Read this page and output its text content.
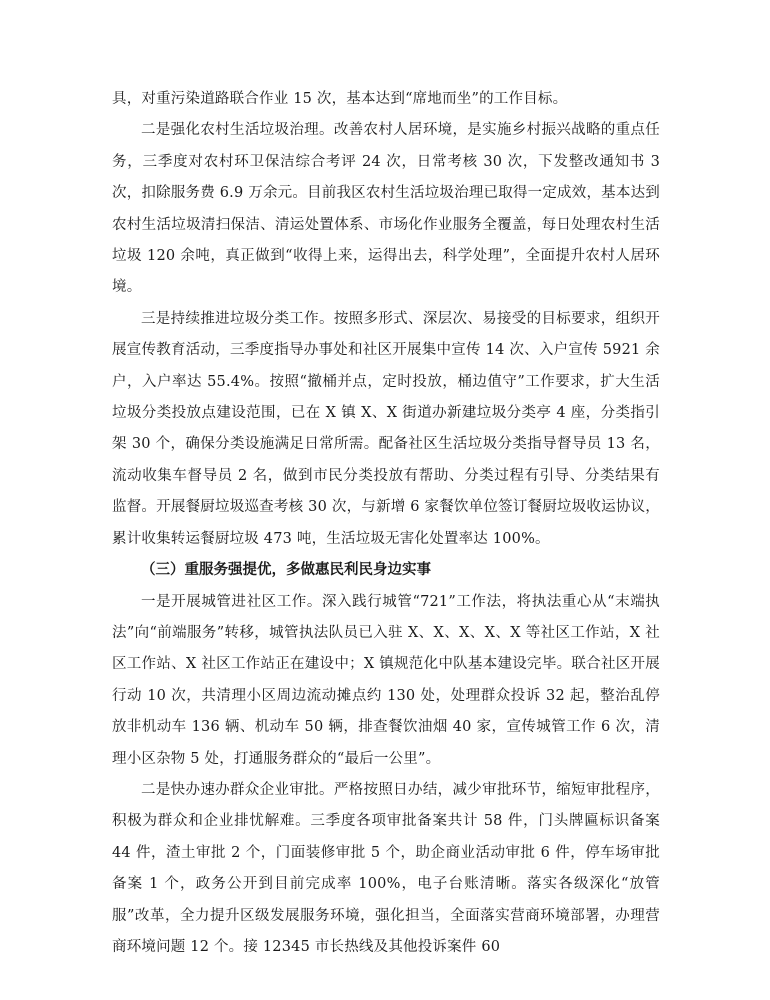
具，对重污染道路联合作业 15 次，基本达到“席地而坐”的工作目标。

二是强化农村生活垃圾治理。改善农村人居环境，是实施乡村振兴战略的重点任务，三季度对农村环卫保洁综合考评 24 次，日常考核 30 次，下发整改通知书 3 次，扣除服务费 6.9 万余元。目前我区农村生活垃圾治理已取得一定成效，基本达到农村生活垃圾清扫保洁、清运处置体系、市场化作业服务全覆盖，每日处理农村生活垃圾 120 余吨，真正做到“收得上来，运得出去，科学处理”，全面提升农村人居环境。

三是持续推进垃圾分类工作。按照多形式、深层次、易接受的目标要求，组织开展宣传教育活动，三季度指导办事处和社区开展集中宣传 14 次、入户宣传 5921 余户，入户率达 55.4%。按照“撤桶并点，定时投放，桶边值守”工作要求，扩大生活垃圾分类投放点建设范围，已在 X 镇 X、X 街道办新建垃圾分类亭 4 座，分类指引架 30 个，确保分类设施满足日常所需。配备社区生活垃圾分类指导督导员 13 名，流动收集车督导员 2 名，做到市民分类投放有帮助、分类过程有引导、分类结果有监督。开展餐厨垃圾巡查考核 30 次，与新增 6 家餐饮单位签订餐厨垃圾收运协议，累计收集转运餐厨垃圾 473 吨，生活垃圾无害化处置率达 100%。

（三）重服务强提优，多做惠民利民身边实事

一是开展城管进社区工作。深入践行城管“721”工作法，将执法重心从“末端执法”向“前端服务”转移，城管执法队员已入驻 X、X、X、X、X 等社区工作站，X 社区工作站、X 社区工作站正在建设中；X 镇规范化中队基本建设完毕。联合社区开展行动 10 次，共清理小区周边流动摊点约 130 处，处理群众投诉 32 起，整治乱停放非机动车 136 辆、机动车 50 辆，排查餐饮油烟 40 家，宣传城管工作 6 次，清理小区杂物 5 处，打通服务群众的“最后一公里”。

二是快办速办群众企业审批。严格按照日办结，减少审批环节，缩短审批程序，积极为群众和企业排忧解难。三季度各项审批备案共计 58 件，门头牌匾标识备案 44 件，渣土审批 2 个，门面装修审批 5 个，助企商业活动审批 6 件，停车场审批备案 1 个，政务公开到目前完成率 100%，电子台账清晰。落实各级深化“放管服”改革，全力提升区级发展服务环境，强化担当，全面落实营商环境部署，办理营商环境问题 12 个。接 12345 市长热线及其他投诉案件 60
